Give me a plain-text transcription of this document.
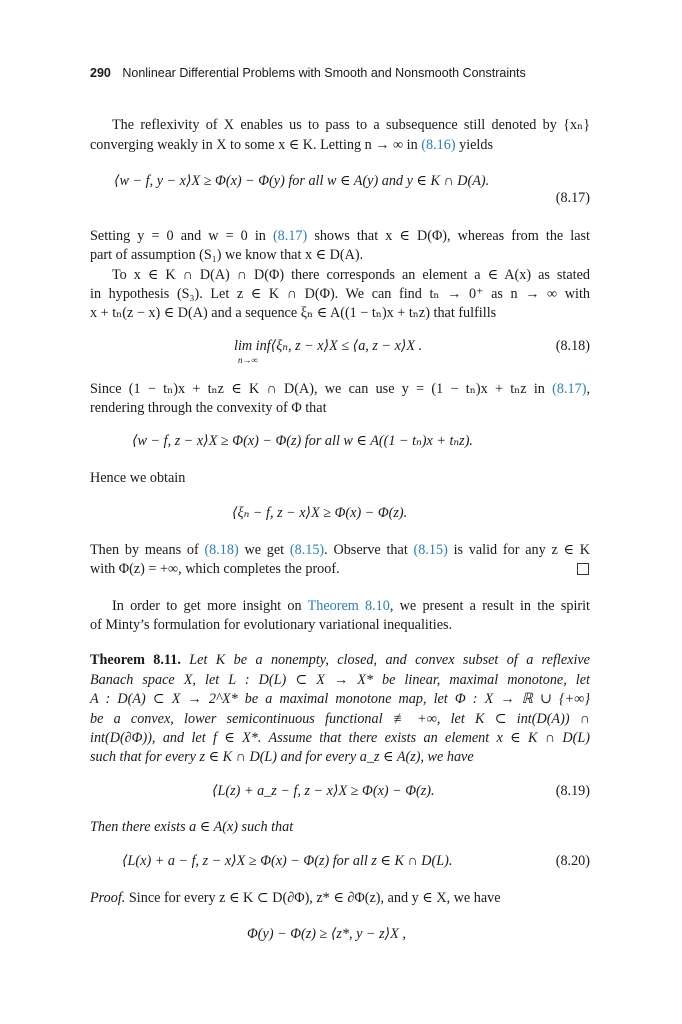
290 Nonlinear Differential Problems with Smooth and Nonsmooth Constraints
The reflexivity of X enables us to pass to a subsequence still denoted by {xₙ}
converging weakly in X to some x ∈ K. Letting n → ∞ in (8.16) yields
⟨w − f, y − x⟩X ≥ Φ(x) − Φ(y) for all w ∈ A(y) and y ∈ K ∩ D(A).
(8.17)
Setting y = 0 and w = 0 in (8.17) shows that x ∈ D(Φ), whereas from the last
part of assumption (S₁) we know that x ∈ D(A).
To x ∈ K ∩ D(A) ∩ D(Φ) there corresponds an element a ∈ A(x) as stated
in hypothesis (S₃). Let z ∈ K ∩ D(Φ). We can find tₙ → 0⁺ as n → ∞ with
x + tₙ(z − x) ∈ D(A) and a sequence ξₙ ∈ A((1 − tₙ)x + tₙz) that fulfills
lim inf⟨ξₙ, z − x⟩X ≤ ⟨a, z − x⟩X .
n→∞
(8.18)
Since (1 − tₙ)x + tₙz ∈ K ∩ D(A), we can use y = (1 − tₙ)x + tₙz in (8.17),
rendering through the convexity of Φ that
⟨w − f, z − x⟩X ≥ Φ(x) − Φ(z) for all w ∈ A((1 − tₙ)x + tₙz).
Hence we obtain
⟨ξₙ − f, z − x⟩X ≥ Φ(x) − Φ(z).
Then by means of (8.18) we get (8.15). Observe that (8.15) is valid for any z ∈ K
with Φ(z) = +∞, which completes the proof.
In order to get more insight on Theorem 8.10, we present a result in the spirit
of Minty’s formulation for evolutionary variational inequalities.
Theorem 8.11. Let K be a nonempty, closed, and convex subset of a reflexive
Banach space X, let L : D(L) ⊂ X → X* be linear, maximal monotone, let
A : D(A) ⊂ X → 2^X* be a maximal monotone map, let Φ : X → ℝ ∪ {+∞}
be a convex, lower semicontinuous functional ≢ +∞, let K ⊂ int(D(A)) ∩
int(D(∂Φ)), and let f ∈ X*. Assume that there exists an element x ∈ K ∩ D(L)
such that for every z ∈ K ∩ D(L) and for every a_z ∈ A(z), we have
⟨L(z) + a_z − f, z − x⟩X ≥ Φ(x) − Φ(z).	(8.19)
Then there exists a ∈ A(x) such that
⟨L(x) + a − f, z − x⟩X ≥ Φ(x) − Φ(z) for all z ∈ K ∩ D(L).	(8.20)
Proof. Since for every z ∈ K ⊂ D(∂Φ), z* ∈ ∂Φ(z), and y ∈ X, we have
Φ(y) − Φ(z) ≥ ⟨z*, y − z⟩X ,
